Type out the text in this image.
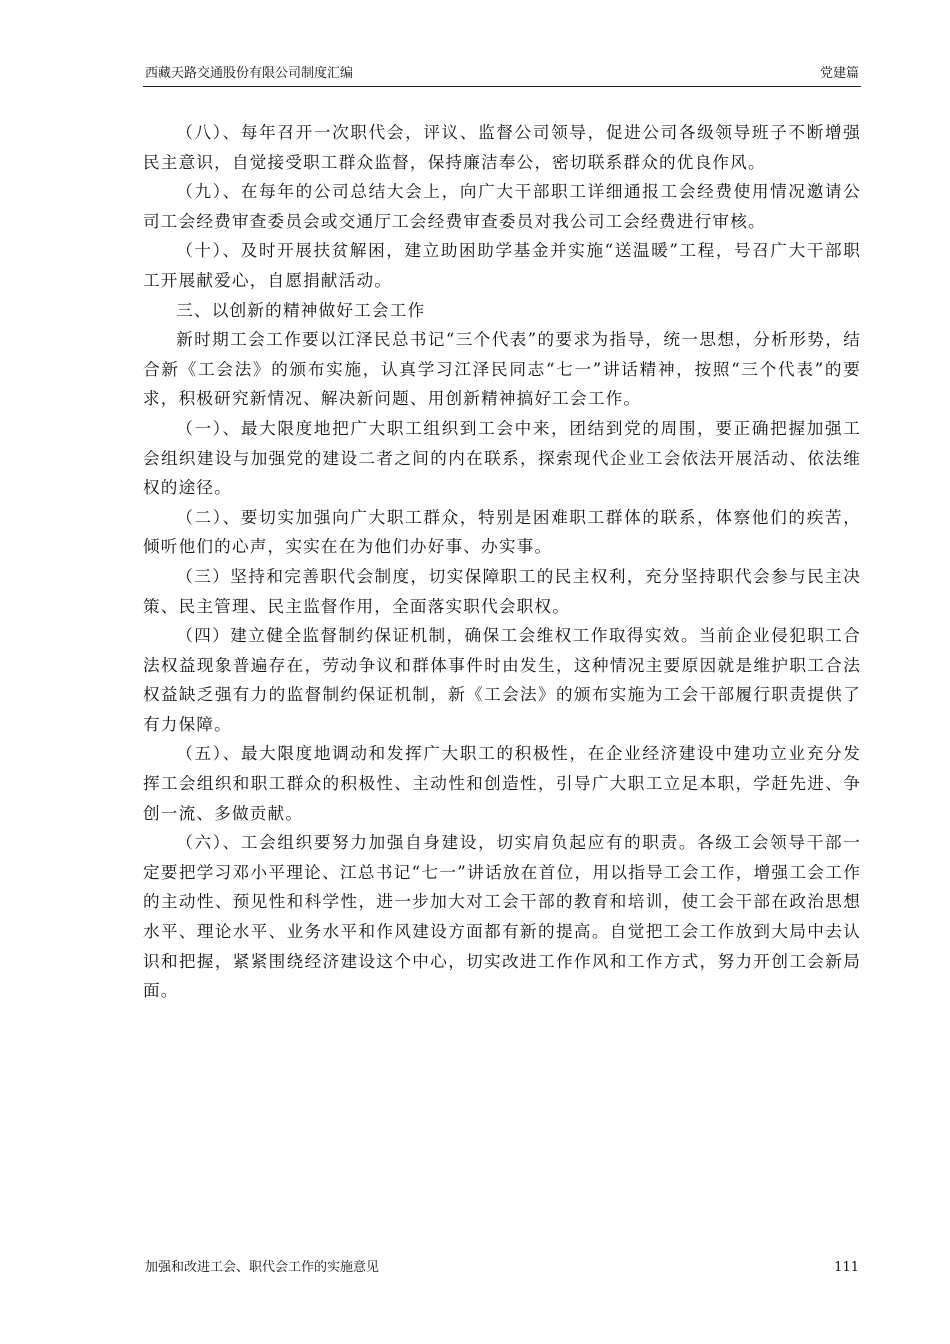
西藏天路交通股份有限公司制度汇编	党建篇

（八）、每年召开一次职代会，评议、监督公司领导，促进公司各级领导班子不断增强民主意识，自觉接受职工群众监督，保持廉洁奉公，密切联系群众的优良作风。

（九）、在每年的公司总结大会上，向广大干部职工详细通报工会经费使用情况邀请公司工会经费审查委员会或交通厅工会经费审查委员对我公司工会经费进行审核。

（十）、及时开展扶贫解困，建立助困助学基金并实施“送温暖”工程，号召广大干部职工开展献爱心，自愿捐献活动。

三、以创新的精神做好工会工作

新时期工会工作要以江泽民总书记“三个代表”的要求为指导，统一思想，分析形势，结合新《工会法》的颁布实施，认真学习江泽民同志“七一”讲话精神，按照“三个代表”的要求，积极研究新情况、解决新问题、用创新精神搞好工会工作。

（一）、最大限度地把广大职工组织到工会中来，团结到党的周围，要正确把握加强工会组织建设与加强党的建设二者之间的内在联系，探索现代企业工会依法开展活动、依法维权的途径。

（二）、要切实加强向广大职工群众，特别是困难职工群体的联系，体察他们的疾苦，倾听他们的心声，实实在在为他们办好事、办实事。

（三）坚持和完善职代会制度，切实保障职工的民主权利，充分坚持职代会参与民主决策、民主管理、民主监督作用，全面落实职代会职权。

（四）建立健全监督制约保证机制，确保工会维权工作取得实效。当前企业侵犯职工合法权益现象普遍存在，劳动争议和群体事件时由发生，这种情况主要原因就是维护职工合法权益缺乏强有力的监督制约保证机制，新《工会法》的颁布实施为工会干部履行职责提供了有力保障。

（五）、最大限度地调动和发挥广大职工的积极性，在企业经济建设中建功立业充分发挥工会组织和职工群众的积极性、主动性和创造性，引导广大职工立足本职，学赶先进、争创一流、多做贡献。

（六）、工会组织要努力加强自身建设，切实肩负起应有的职责。各级工会领导干部一定要把学习邓小平理论、江总书记“七一”讲话放在首位，用以指导工会工作，增强工会工作的主动性、预见性和科学性，进一步加大对工会干部的教育和培训，使工会干部在政治思想水平、理论水平、业务水平和作风建设方面都有新的提高。自觉把工会工作放到大局中去认识和把握，紧紧围绕经济建设这个中心，切实改进工作作风和工作方式，努力开创工会新局面。

加强和改进工会、职代会工作的实施意见	111
